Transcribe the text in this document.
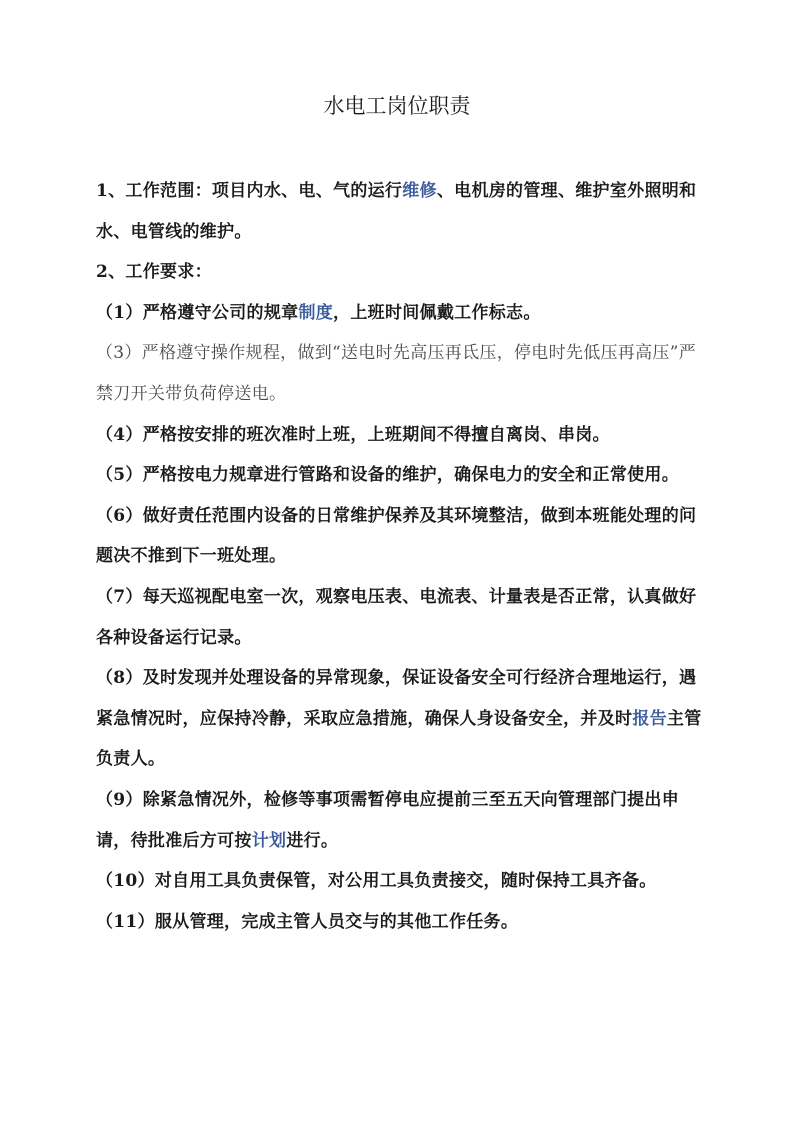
水电工岗位职责

1、工作范围：项目内水、电、气的运行维修、电机房的管理、维护室外照明和水、电管线的维护。

2、工作要求：

（1）严格遵守公司的规章制度，上班时间佩戴工作标志。

（3）严格遵守操作规程，做到“送电时先高压再氐压，停电时先低压再高压”严禁刀开关带负荷停送电。

（4）严格按安排的班次准时上班，上班期间不得擅自离岗、串岗。

（5）严格按电力规章进行管路和设备的维护，确保电力的安全和正常使用。

（6）做好责任范围内设备的日常维护保养及其环境整洁，做到本班能处理的问题决不推到下一班处理。

（7）每天巡视配电室一次，观察电压表、电流表、计量表是否正常，认真做好各种设备运行记录。

（8）及时发现并处理设备的异常现象，保证设备安全可行经济合理地运行，遇紧急情况时，应保持冷静，采取应急措施，确保人身设备安全，并及时报告主管负责人。

（9）除紧急情况外，检修等事项需暂停电应提前三至五天向管理部门提出申请，待批准后方可按计划进行。

（10）对自用工具负责保管，对公用工具负责接交，随时保持工具齐备。

（11）服从管理，完成主管人员交与的其他工作任务。
